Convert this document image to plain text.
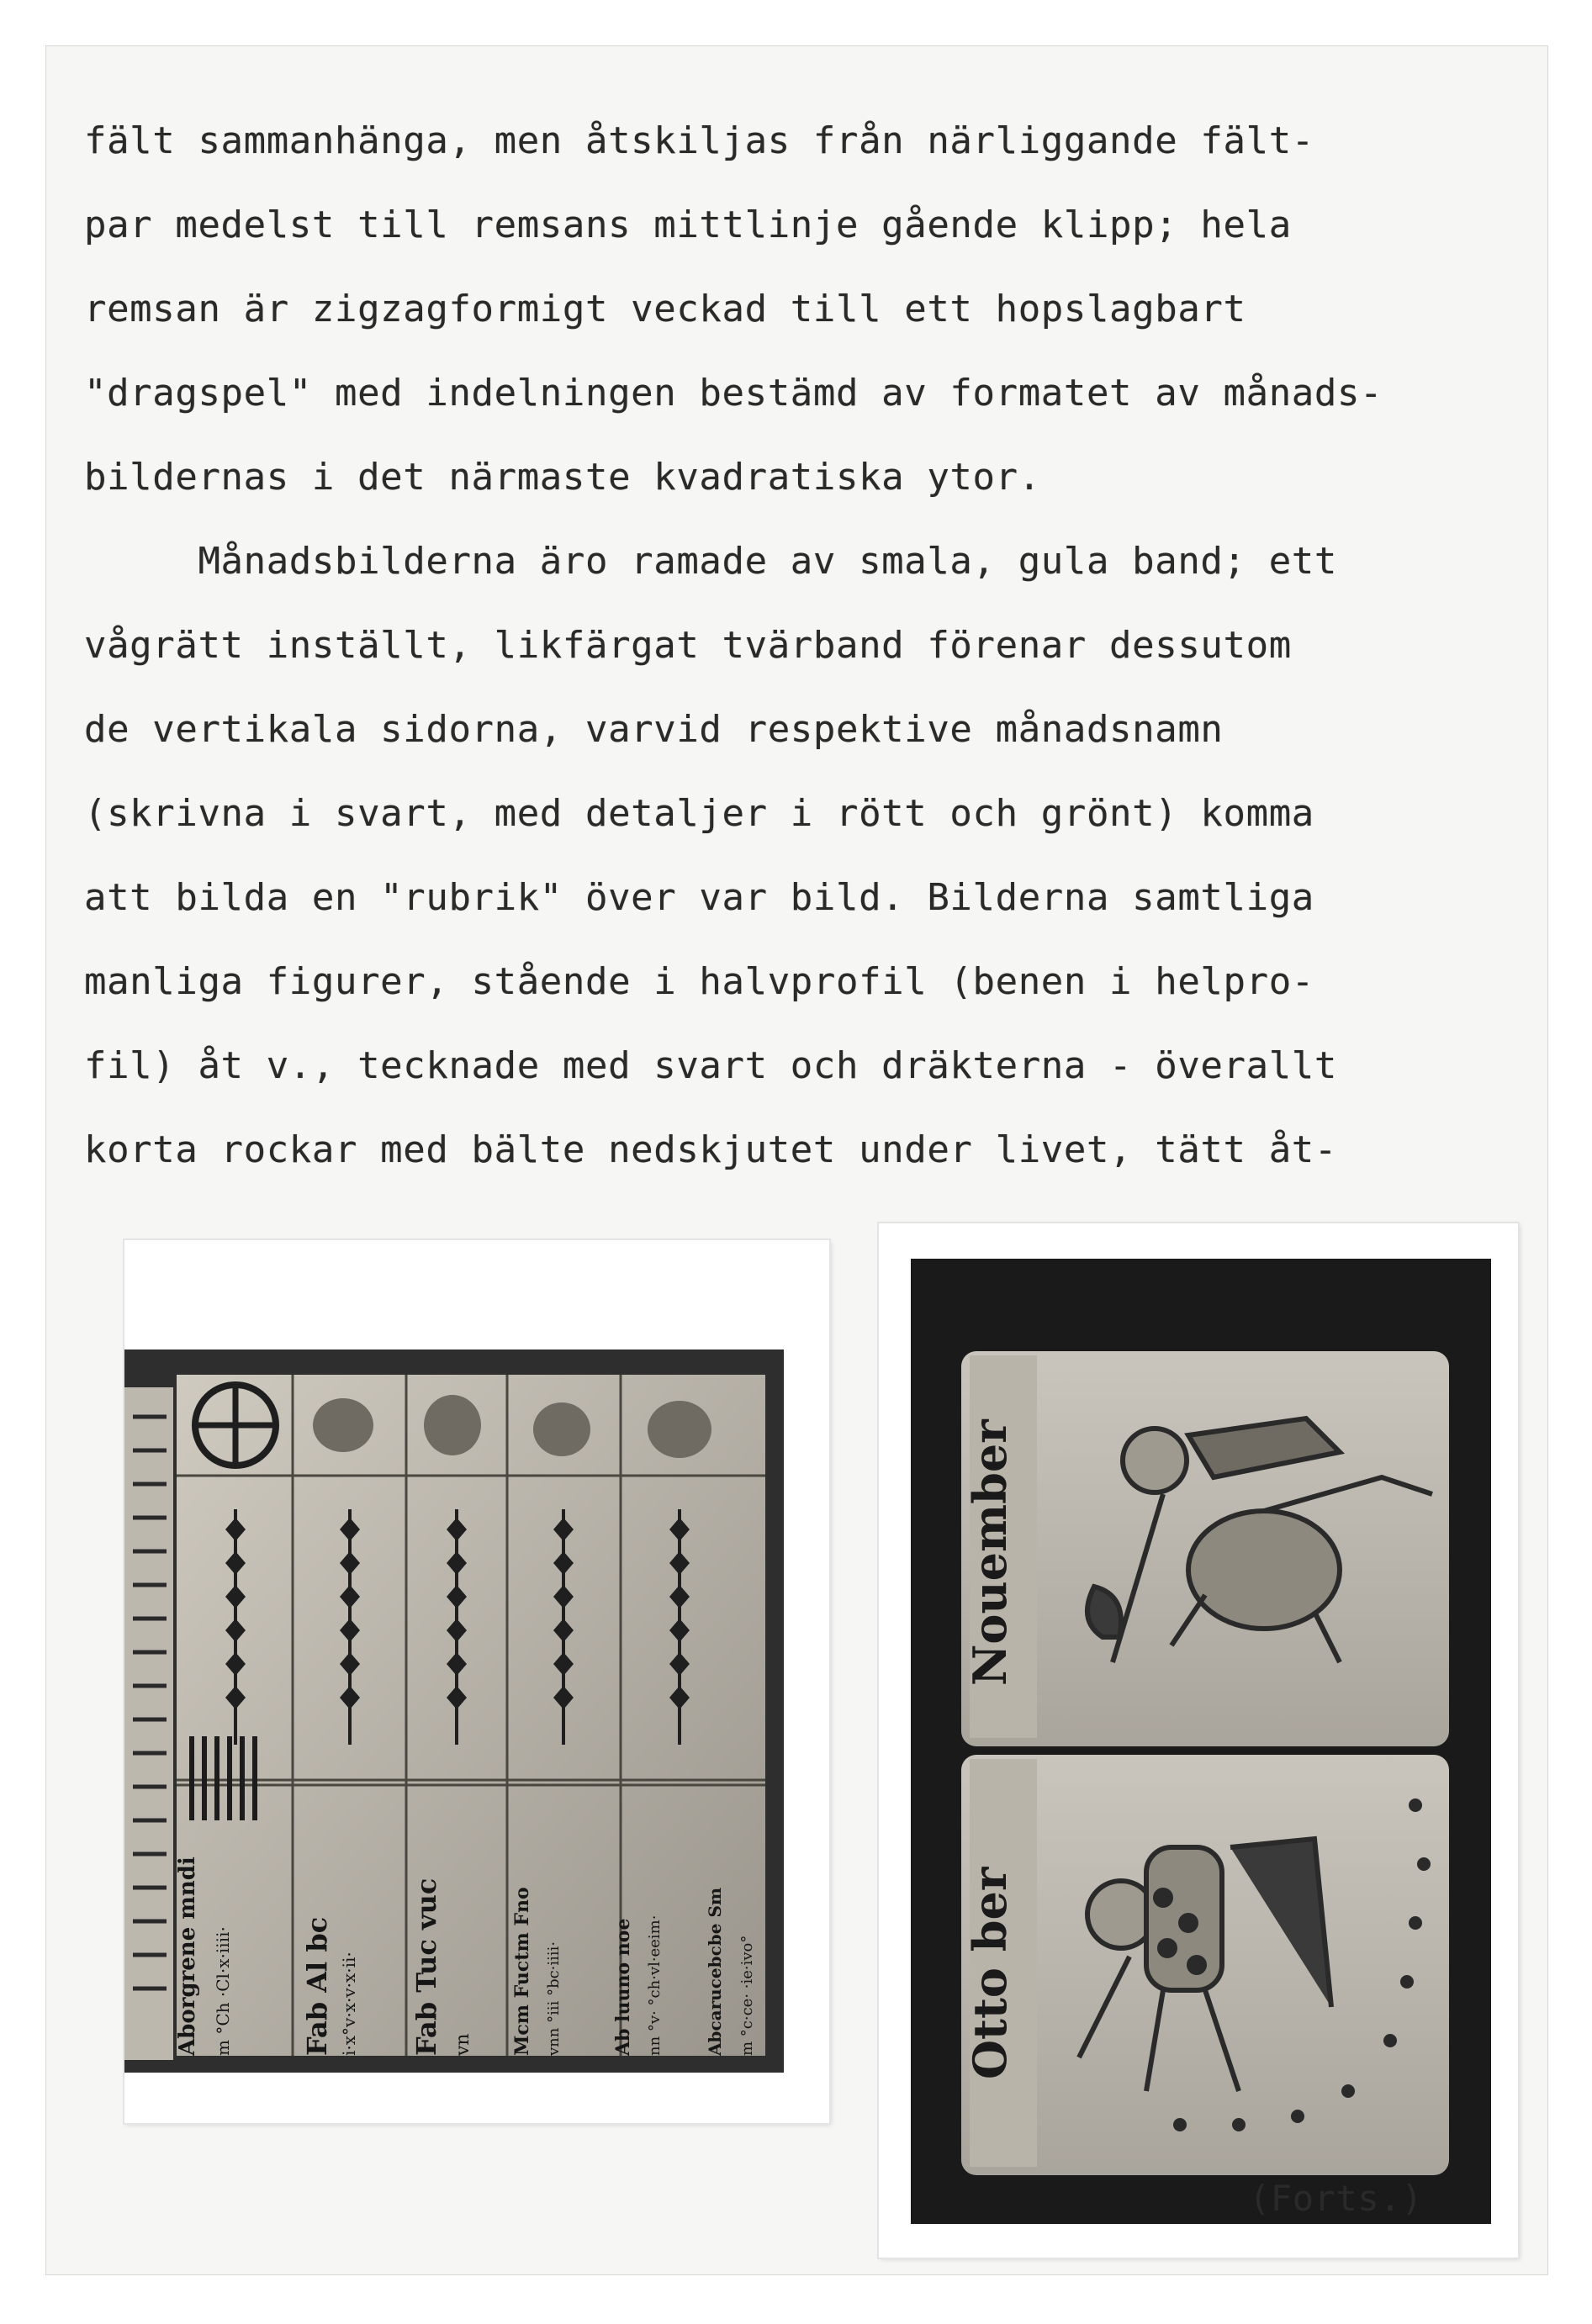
fält sammanhänga, men åtskiljas från närliggande fält-
par medelst till remsans mittlinje gående klipp; hela
remsan är zigzagformigt veckad till ett hopslagbart
"dragspel" med indelningen bestämd av formatet av månads-
bildernas i det närmaste kvadratiska ytor.
Månadsbilderna äro ramade av smala, gula band; ett
vågrätt inställt, likfärgat tvärband förenar dessutom
de vertikala sidorna, varvid respektive månadsnamn
(skrivna i svart, med detaljer i rött och grönt) komma
att bilda en "rubrik" över var bild. Bilderna samtliga
manliga figurer, stående i halvprofil (benen i helpro-
fil) åt v., tecknade med svart och dräkterna - överallt
korta rockar med bälte nedskjutet under livet, tätt åt-
Aborgrene mndi m °Ch ·Cl·x·iiii·	Fab Al bc i·x°v·x·v·x·ii·	Fab Tuc vuc vn	Mcm Fuctm Fno vnn °iii °bc·iiii·	Ab luuno noe nn °v· °ch·vl·eeim·	Abcarucebcbe Sm m °c·ce· ·ie·ivo°
Nouember
Otto ber
(Forts.)
